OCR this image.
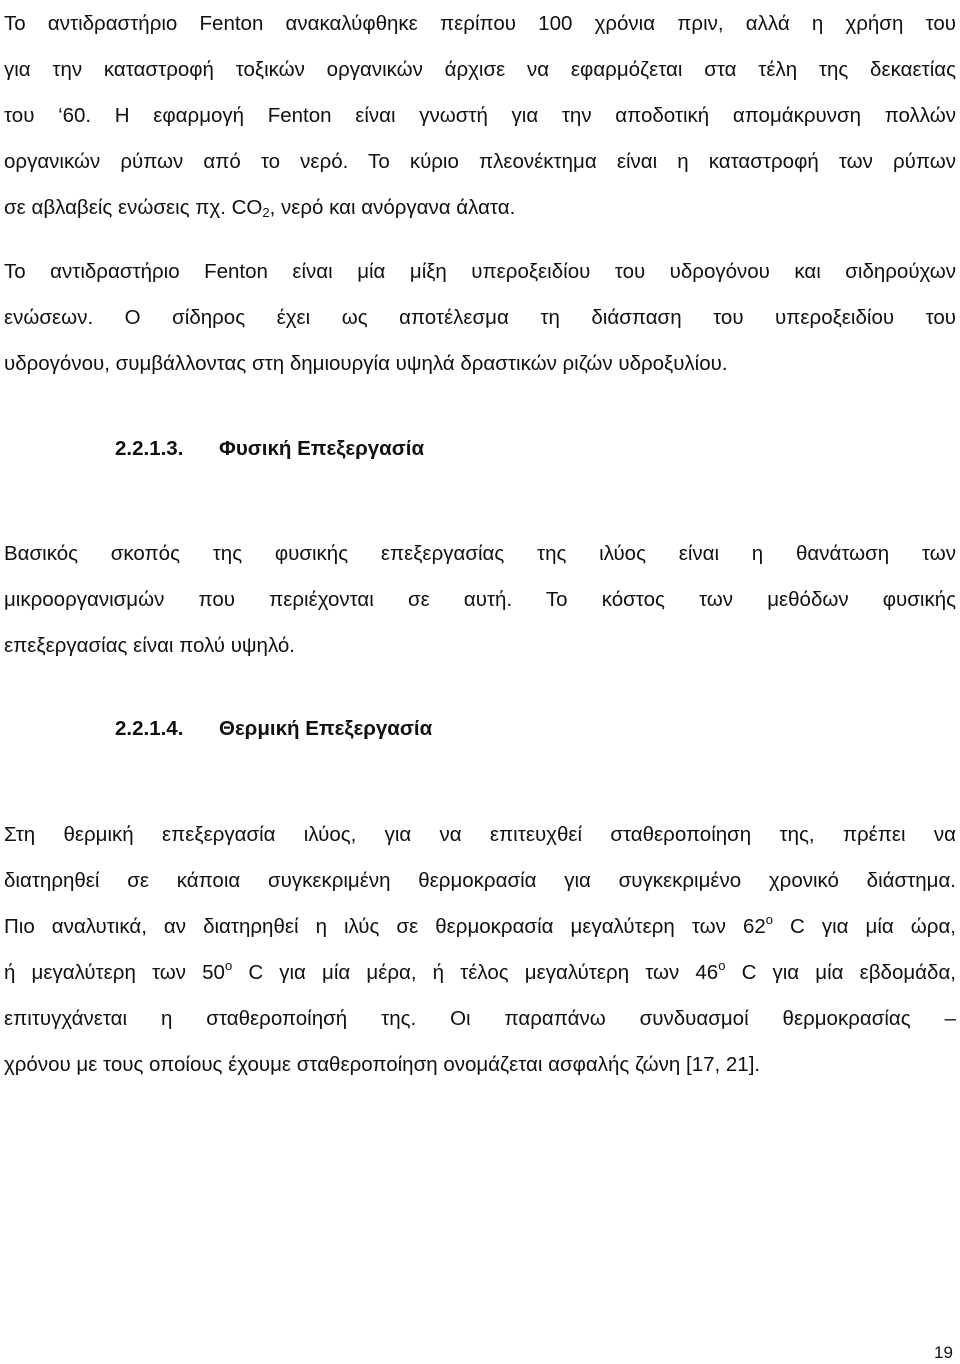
Το αντιδραστήριο Fenton ανακαλύφθηκε περίπου 100 χρόνια πριν, αλλά η χρήση του
για την καταστροφή τοξικών οργανικών άρχισε να εφαρμόζεται στα τέλη της δεκαετίας
του ‘60. Η εφαρμογή Fenton είναι γνωστή για την αποδοτική απομάκρυνση πολλών
οργανικών ρύπων από το νερό. Το κύριο πλεονέκτημα είναι η καταστροφή των ρύπων
σε αβλαβείς ενώσεις πχ. $CO_2$, νερό και ανόργανα άλατα.
Το αντιδραστήριο Fenton είναι μία μίξη υπεροξειδίου του υδρογόνου και σιδηρούχων
ενώσεων. Ο σίδηρος έχει ως αποτέλεσμα τη διάσπαση του υπεροξειδίου του
υδρογόνου, συμβάλλοντας στη δημιουργία υψηλά δραστικών ριζών υδροξυλίου.
2.2.1.3. Φυσική Επεξεργασία
Βασικός σκοπός της φυσικής επεξεργασίας της ιλύος είναι η θανάτωση των
μικροοργανισμών που περιέχονται σε αυτή. Το κόστος των μεθόδων φυσικής
επεξεργασίας είναι πολύ υψηλό.
2.2.1.4. Θερμική Επεξεργασία
Στη θερμική επεξεργασία ιλύος, για να επιτευχθεί σταθεροποίηση της, πρέπει να
διατηρηθεί σε κάποια συγκεκριμένη θερμοκρασία για συγκεκριμένο χρονικό διάστημα.
Πιο αναλυτικά, αν διατηρηθεί η ιλύς σε θερμοκρασία μεγαλύτερη των $62^o$ C για μία ώρα,
ή μεγαλύτερη των $50^o$ C για μία μέρα, ή τέλος μεγαλύτερη των $46^o$ C για μία εβδομάδα,
επιτυγχάνεται η σταθεροποίησή της. Οι παραπάνω συνδυασμοί θερμοκρασίας –
χρόνου με τους οποίους έχουμε σταθεροποίηση ονομάζεται ασφαλής ζώνη [17, 21].
19
